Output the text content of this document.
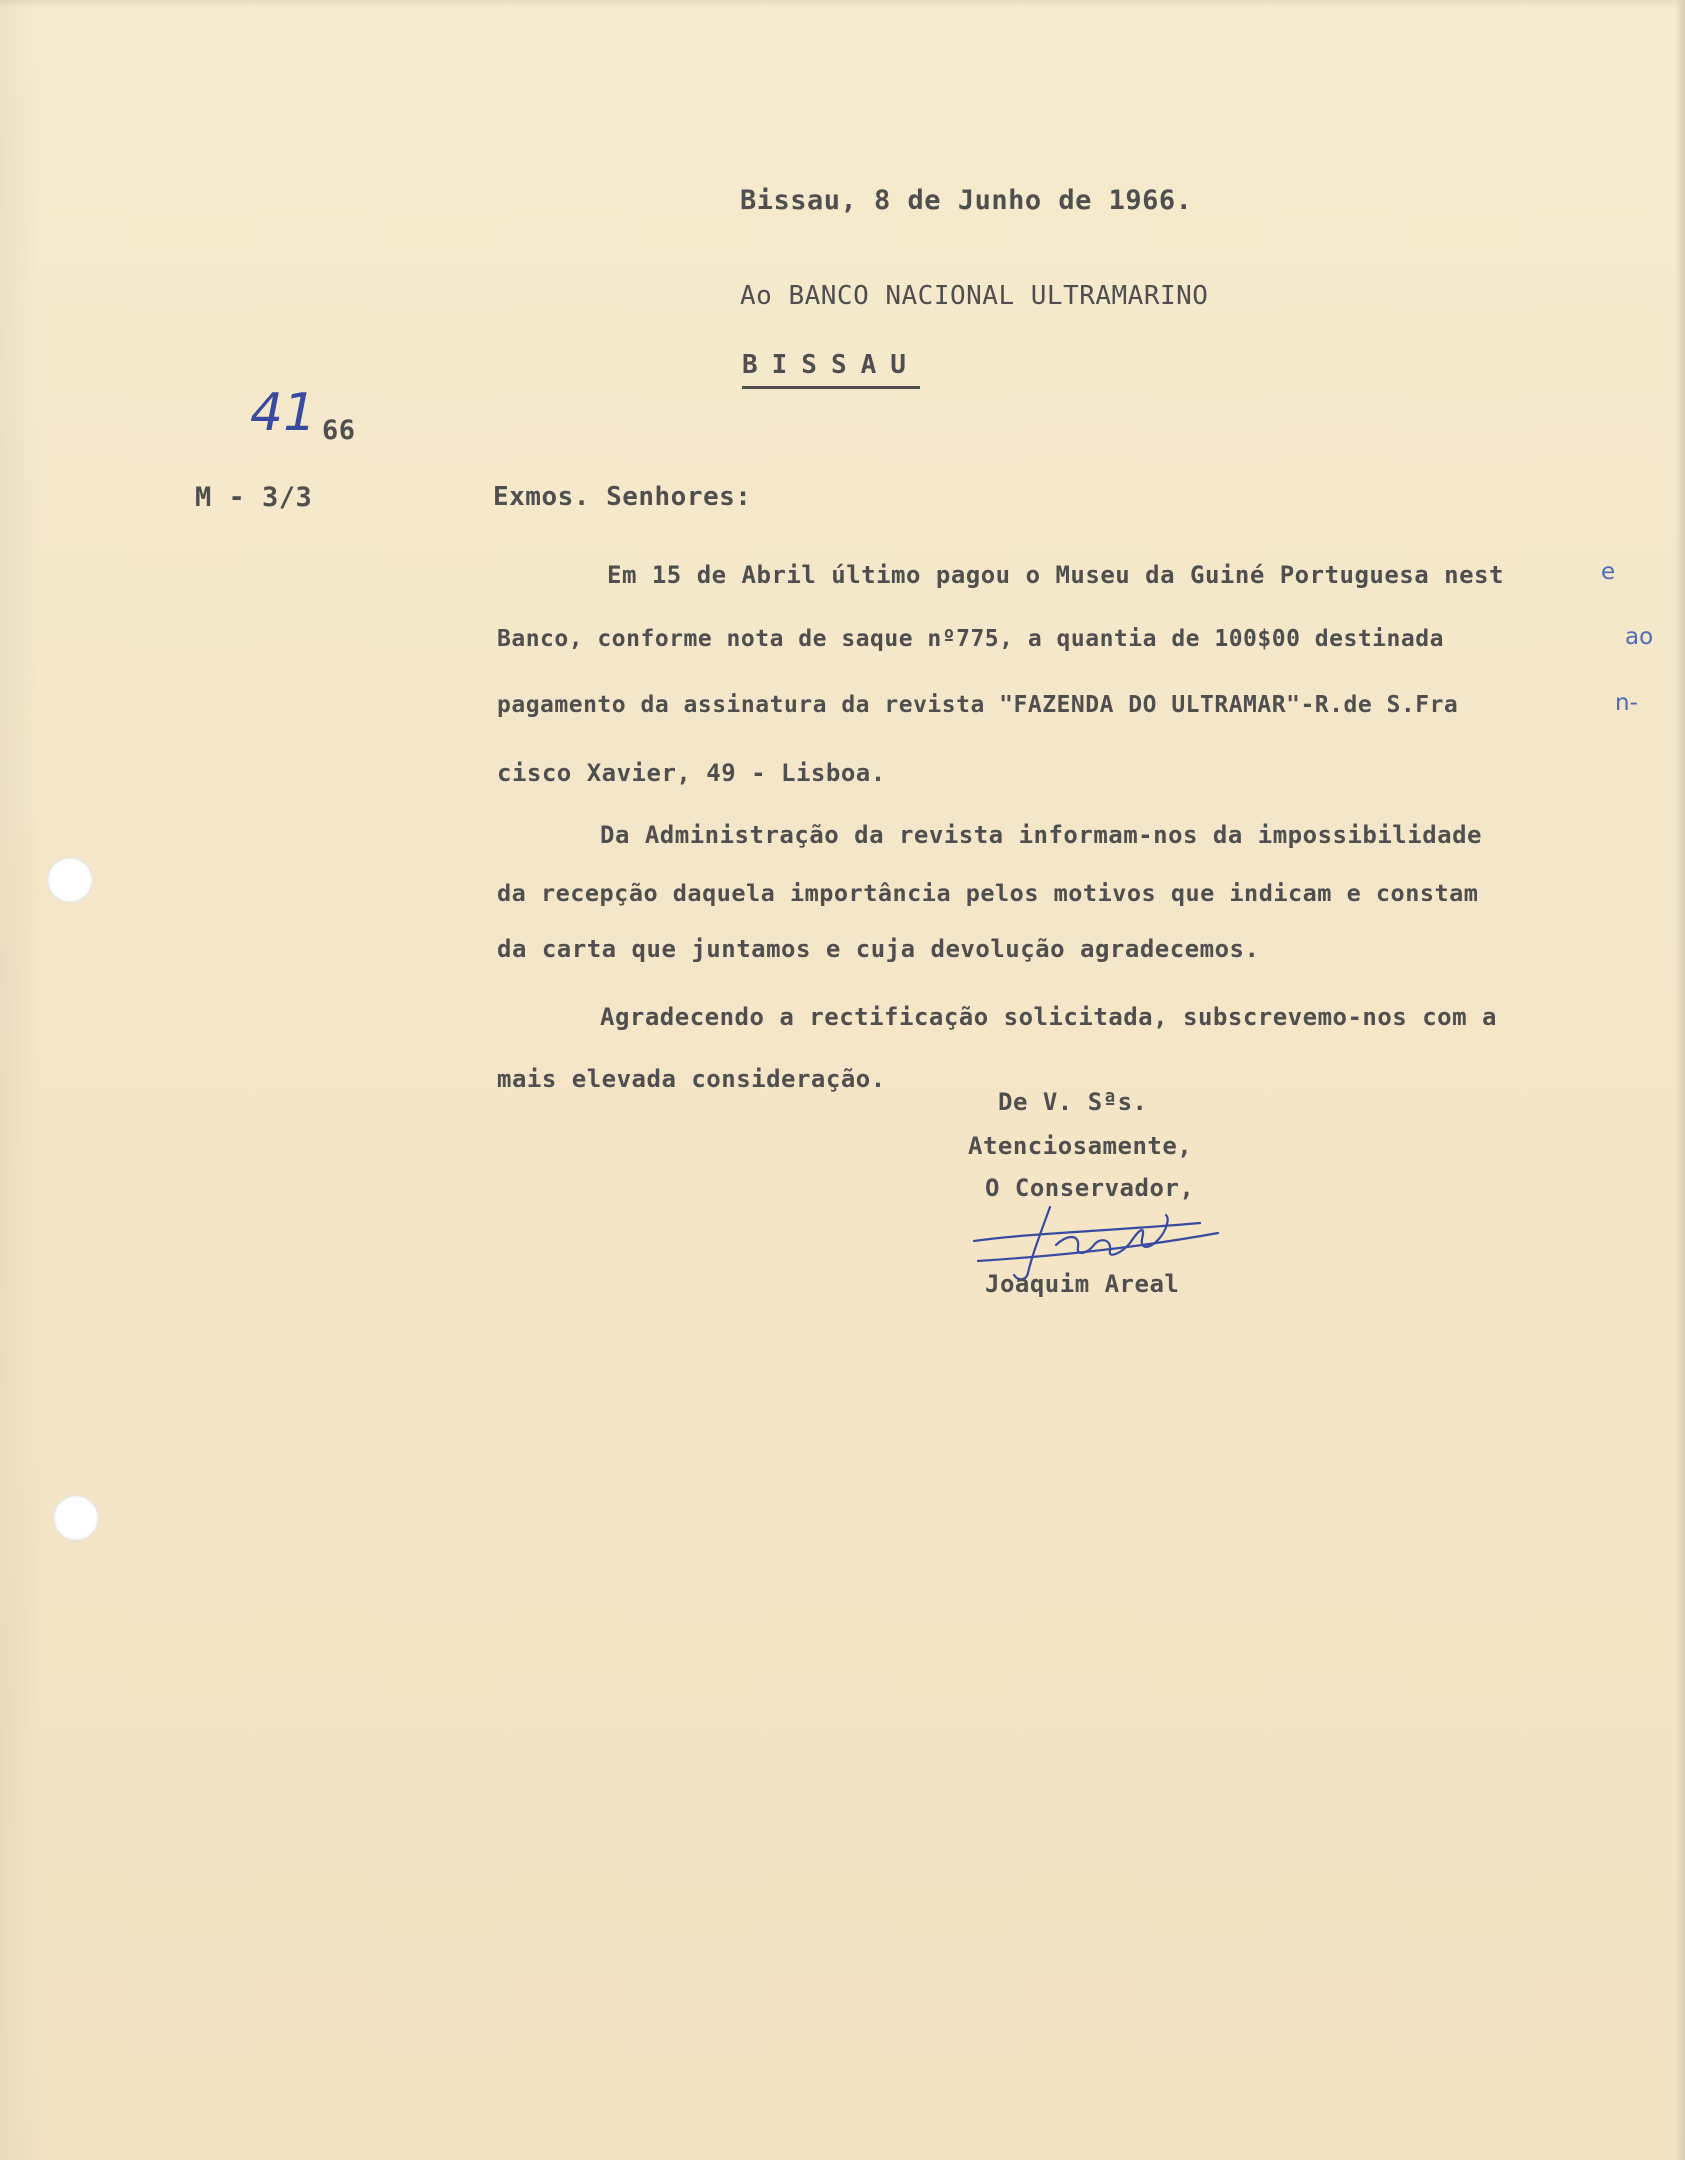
Bissau, 8 de Junho de 1966.
Ao BANCO NACIONAL ULTRAMARINO
BISSAU
41 66
M - 3/3	Exmos. Senhores:
Em 15 de Abril último pagou o Museu da Guiné Portuguesa nest	e
Banco, conforme nota de saque nº775, a quantia de 100$00 destinada	ao
pagamento da assinatura da revista "FAZENDA DO ULTRAMAR"-R.de S.Fra	n-
cisco Xavier, 49 - Lisboa.
Da Administração da revista informam-nos da impossibilidade
da recepção daquela importância pelos motivos que indicam e constam
da carta que juntamos e cuja devolução agradecemos.
Agradecendo a rectificação solicitada, subscrevemo-nos com a
mais elevada consideração.
De V. Sªs.
Atenciosamente,
O Conservador,
Joaquim Areal
